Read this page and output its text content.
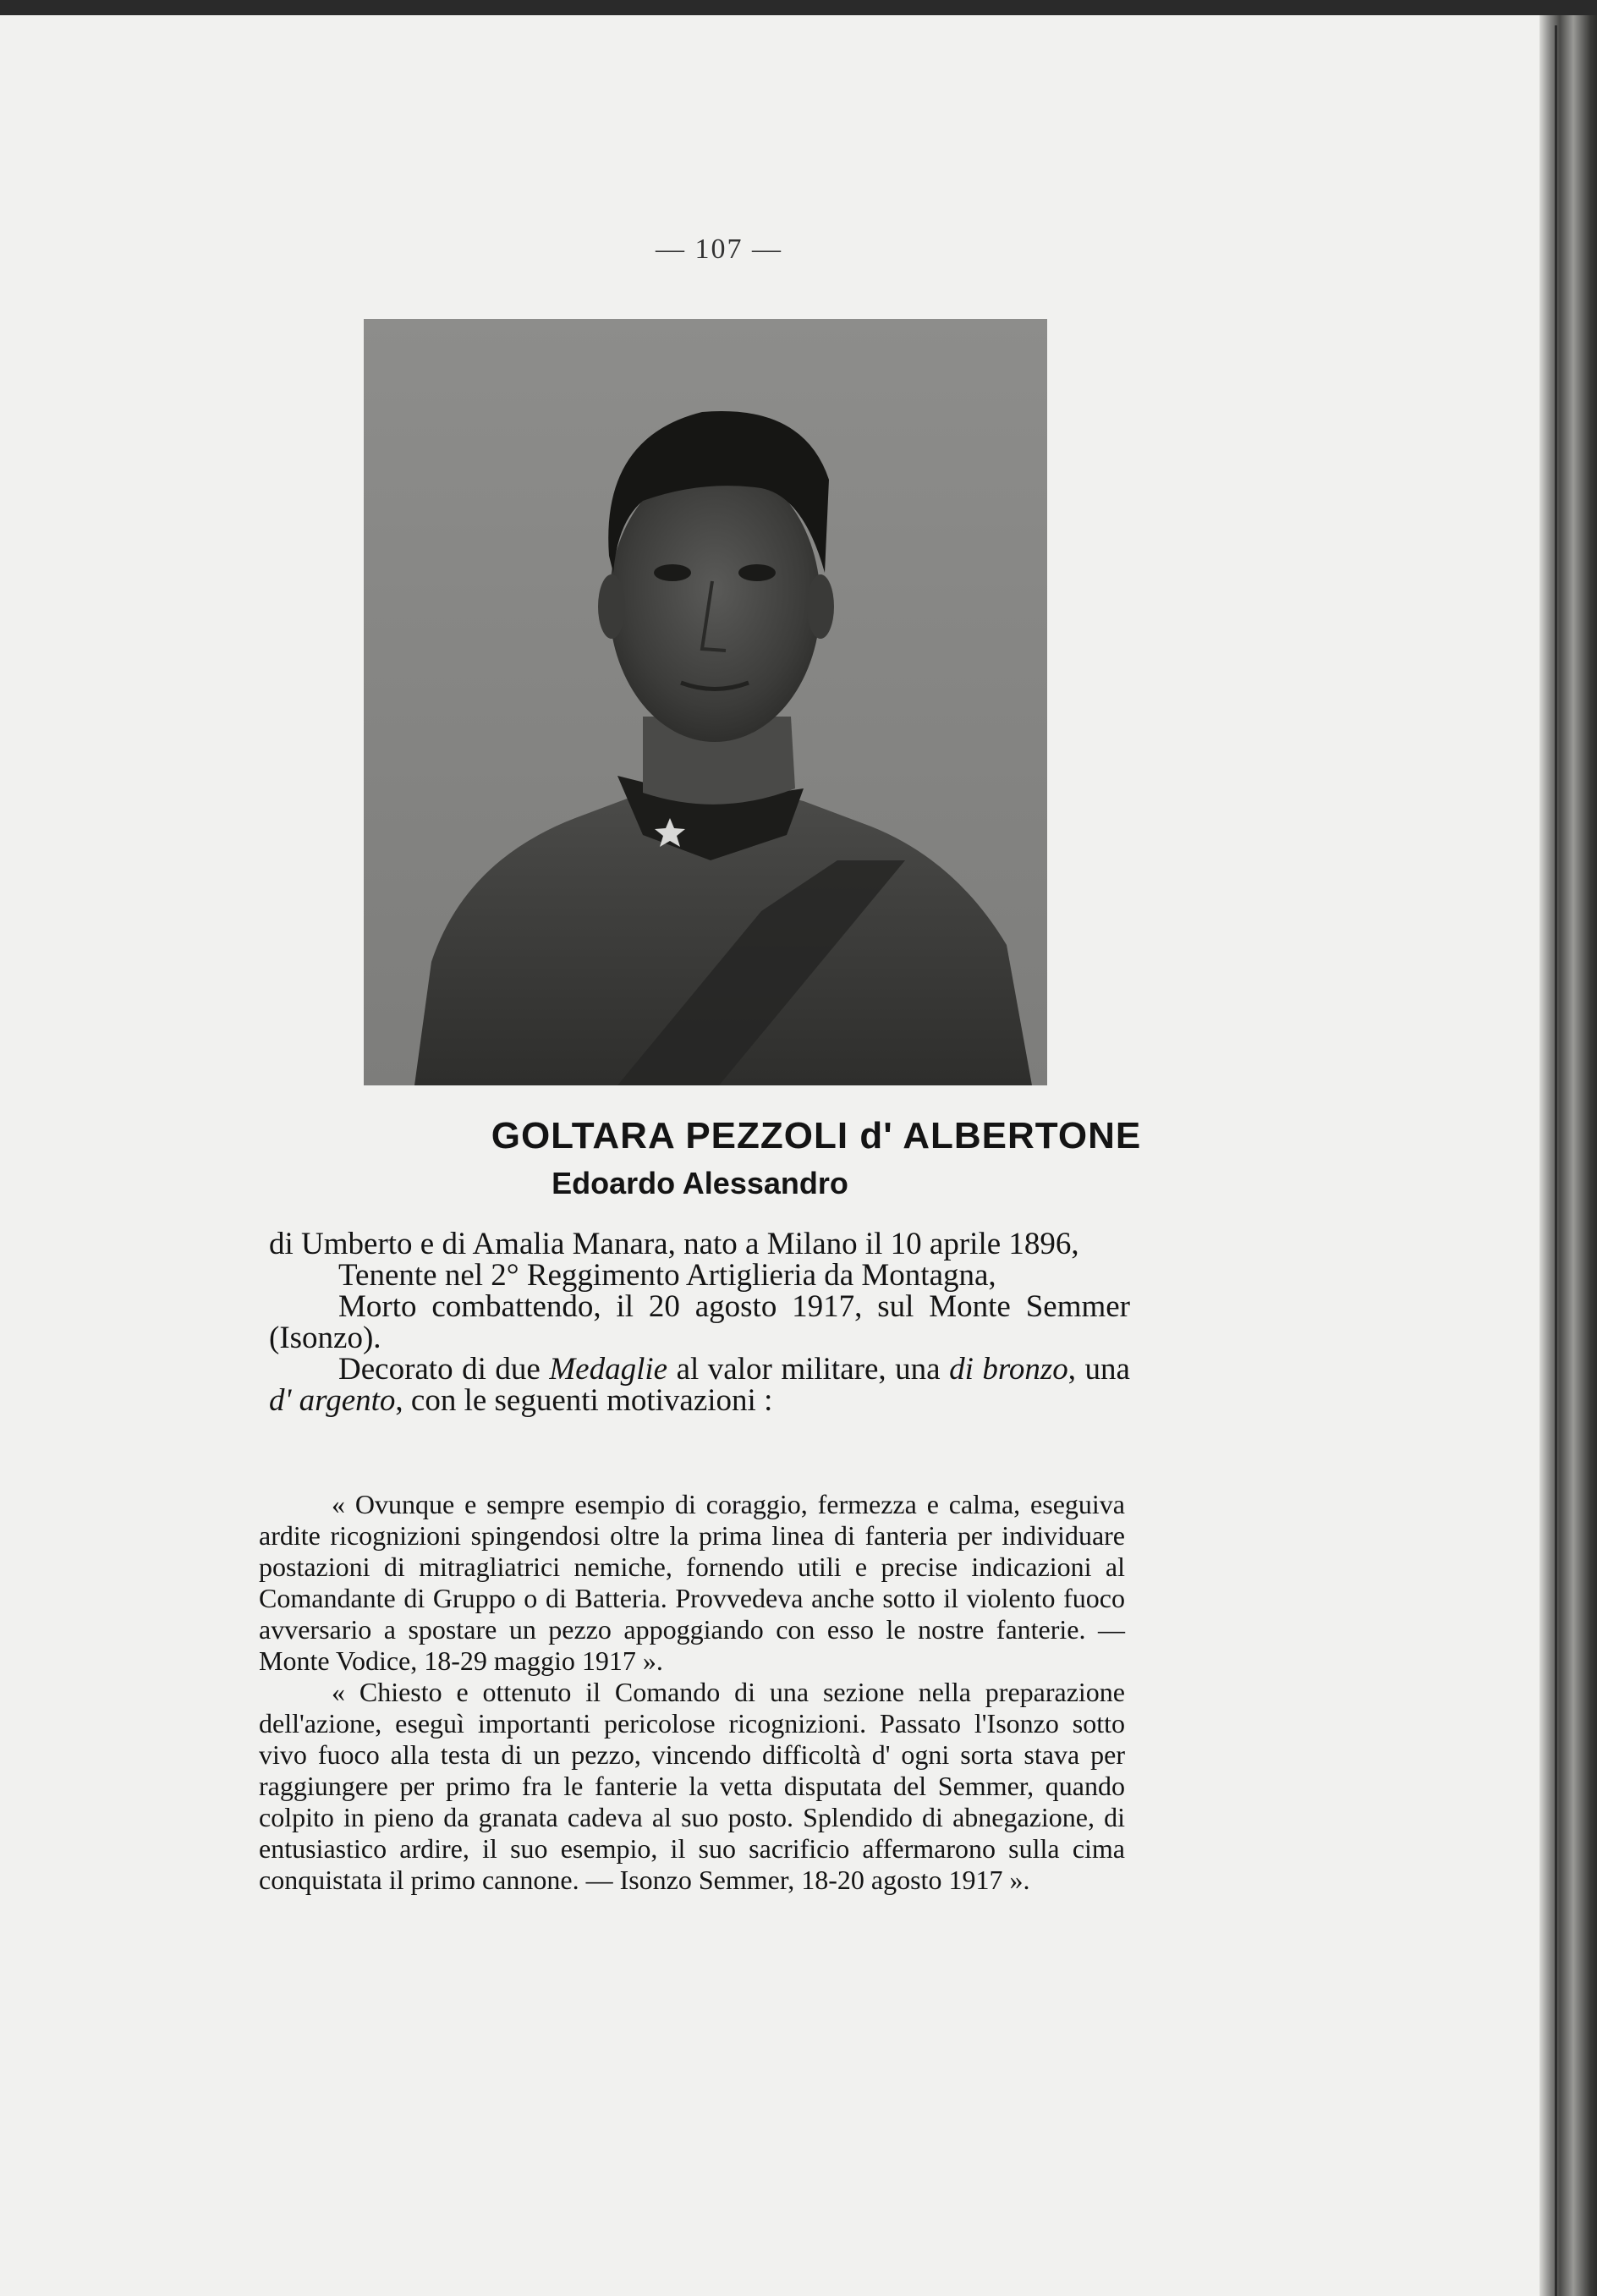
— 107 —
GOLTARA PEZZOLI d' ALBERTONE
Edoardo Alessandro

di Umberto e di Amalia Manara, nato a Milano il 10 aprile 1896,

Tenente nel 2° Reggimento Artiglieria da Montagna,

Morto combattendo, il 20 agosto 1917, sul Monte Semmer (Isonzo).

Decorato di due Medaglie al valor militare, una di bronzo, una d' argento, con le seguenti motivazioni :

« Ovunque e sempre esempio di coraggio, fermezza e calma, eseguiva ardite ricognizioni spingendosi oltre la prima linea di fanteria per individuare postazioni di mitragliatrici nemiche, fornendo utili e precise indicazioni al Comandante di Gruppo o di Batteria. Provvedeva anche sotto il violento fuoco avversario a spostare un pezzo appoggiando con esso le nostre fanterie. — Monte Vodice, 18-29 maggio 1917 ».

« Chiesto e ottenuto il Comando di una sezione nella preparazione dell'azione, eseguì importanti pericolose ricognizioni. Passato l'Isonzo sotto vivo fuoco alla testa di un pezzo, vincendo difficoltà d' ogni sorta stava per raggiungere per primo fra le fanterie la vetta disputata del Semmer, quando colpito in pieno da granata cadeva al suo posto. Splendido di abnegazione, di entusiastico ardire, il suo esempio, il suo sacrificio affermarono sulla cima conquistata il primo cannone. — Isonzo Semmer, 18-20 agosto 1917 ».
